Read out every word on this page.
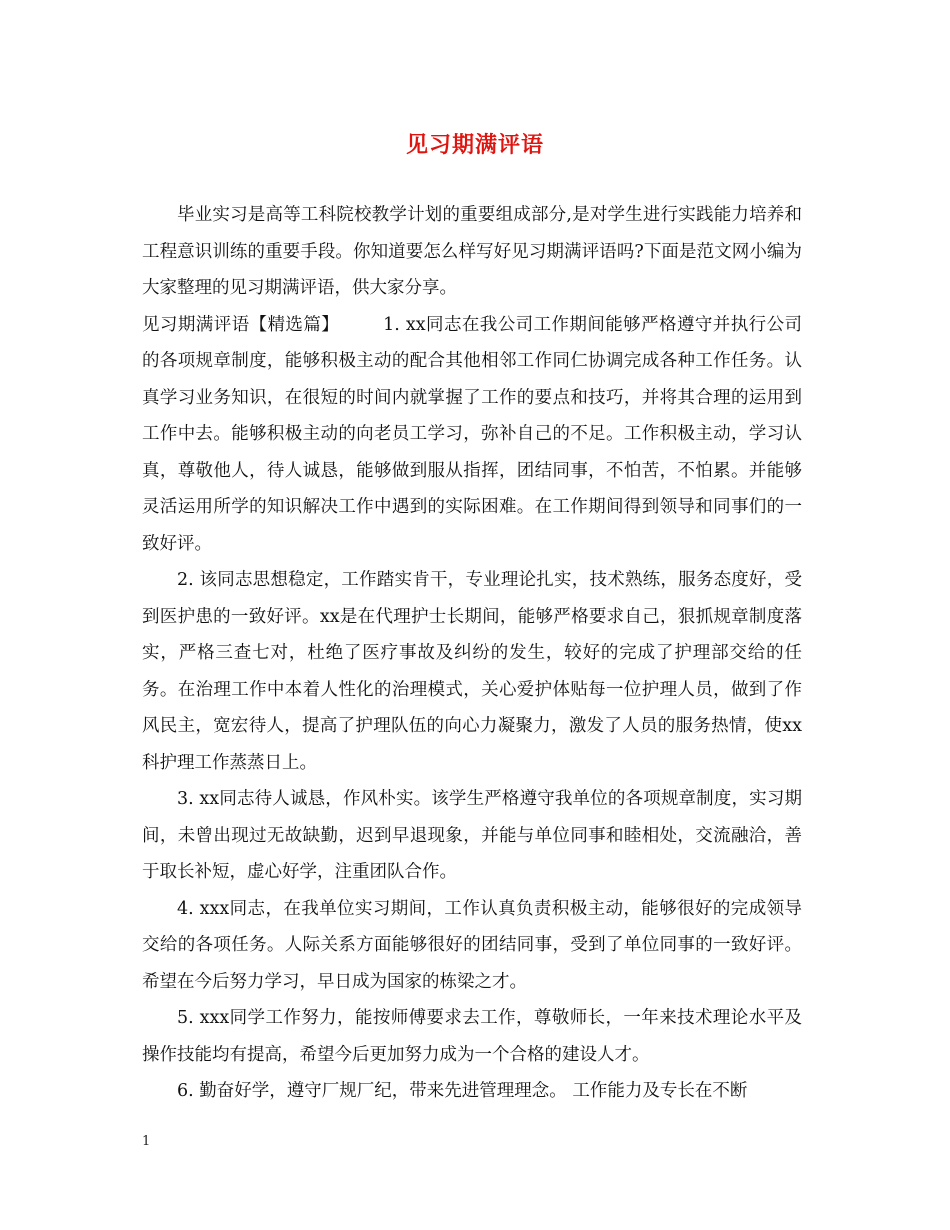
见习期满评语

毕业实习是高等工科院校教学计划的重要组成部分,是对学生进行实践能力培养和工程意识训练的重要手段。你知道要怎么样写好见习期满评语吗?下面是范文网小编为大家整理的见习期满评语，供大家分享。

见习期满评语【精选篇】	1. xx同志在我公司工作期间能够严格遵守并执行公司的各项规章制度，能够积极主动的配合其他相邻工作同仁协调完成各种工作任务。认真学习业务知识，在很短的时间内就掌握了工作的要点和技巧，并将其合理的运用到工作中去。能够积极主动的向老员工学习，弥补自己的不足。工作积极主动，学习认真，尊敬他人，待人诚恳，能够做到服从指挥，团结同事，不怕苦，不怕累。并能够灵活运用所学的知识解决工作中遇到的实际困难。在工作期间得到领导和同事们的一致好评。

2. 该同志思想稳定，工作踏实肯干，专业理论扎实，技术熟练，服务态度好，受到医护患的一致好评。xx是在代理护士长期间，能够严格要求自己，狠抓规章制度落实，严格三查七对，杜绝了医疗事故及纠纷的发生，较好的完成了护理部交给的任务。在治理工作中本着人性化的治理模式，关心爱护体贴每一位护理人员，做到了作风民主，宽宏待人，提高了护理队伍的向心力凝聚力，激发了人员的服务热情，使xx科护理工作蒸蒸日上。

3. xx同志待人诚恳，作风朴实。该学生严格遵守我单位的各项规章制度，实习期间，未曾出现过无故缺勤，迟到早退现象，并能与单位同事和睦相处，交流融洽，善于取长补短，虚心好学，注重团队合作。

4. xxx同志，在我单位实习期间，工作认真负责积极主动，能够很好的完成领导交给的各项任务。人际关系方面能够很好的团结同事，受到了单位同事的一致好评。希望在今后努力学习，早日成为国家的栋梁之才。

5. xxx同学工作努力，能按师傅要求去工作，尊敬师长，一年来技术理论水平及操作技能均有提高，希望今后更加努力成为一个合格的建设人才。

6. 勤奋好学，遵守厂规厂纪，带来先进管理理念。 工作能力及专长在不断

1
